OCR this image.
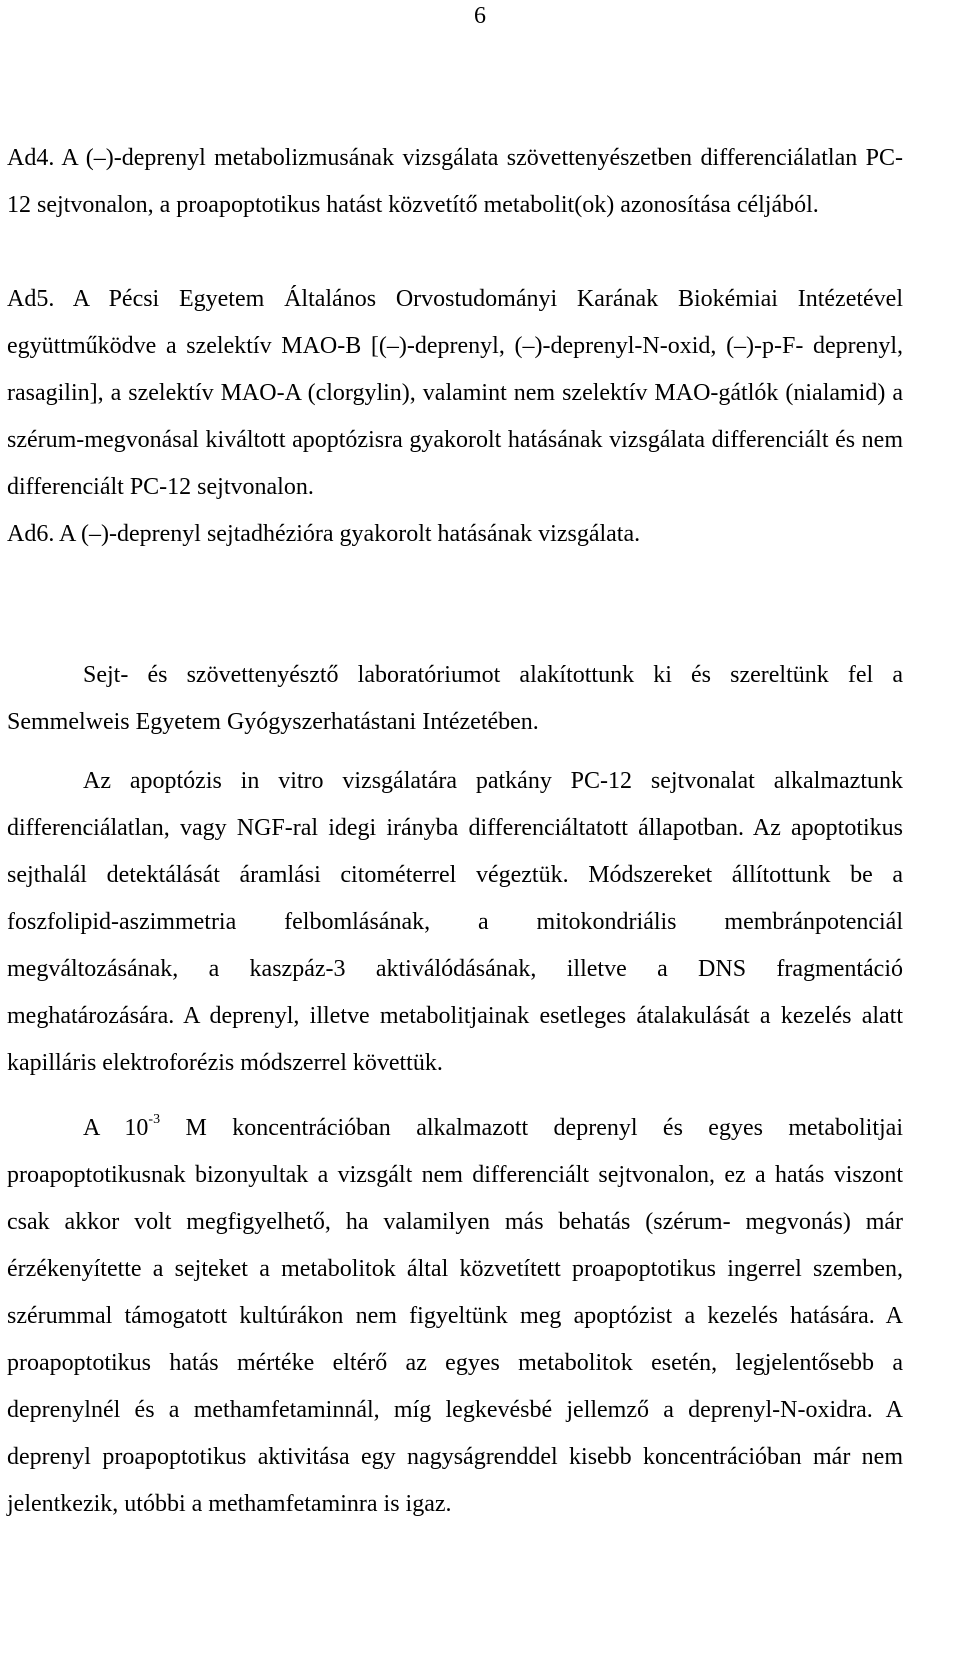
6

Ad4. A (–)-deprenyl metabolizmusának vizsgálata szövettenyészetben differenciálatlan PC-12 sejtvonalon, a proapoptotikus hatást közvetítő metabolit(ok) azonosítása céljából.

Ad5. A Pécsi Egyetem Általános Orvostudományi Karának Biokémiai Intézetével együttműködve a szelektív MAO-B [(–)-deprenyl, (–)-deprenyl-N-oxid, (–)-p-F- deprenyl, rasagilin], a szelektív MAO-A (clorgylin), valamint nem szelektív MAO-gátlók (nialamid) a szérum-megvonásal kiváltott apoptózisra gyakorolt hatásának vizsgálata differenciált és nem differenciált PC-12 sejtvonalon.

Ad6. A (–)-deprenyl sejtadhézióra gyakorolt hatásának vizsgálata.

Sejt- és szövettenyésztő laboratóriumot alakítottunk ki és szereltünk fel a Semmelweis Egyetem Gyógyszerhatástani Intézetében.

Az apoptózis in vitro vizsgálatára patkány PC-12 sejtvonalat alkalmaztunk differenciálatlan, vagy NGF-ral idegi irányba differenciáltatott állapotban. Az apoptotikus sejthalál detektálását áramlási citométerrel végeztük. Módszereket állítottunk be a foszfolipid-aszimmetria felbomlásának, a mitokondriális membránpotenciál megváltozásának, a kaszpáz-3 aktiválódásának, illetve a DNS fragmentáció meghatározására. A deprenyl, illetve metabolitjainak esetleges átalakulását a kezelés alatt kapilláris elektroforézis módszerrel követtük.

A $10^{-3}$ M koncentrációban alkalmazott deprenyl és egyes metabolitjai proapoptotikusnak bizonyultak a vizsgált nem differenciált sejtvonalon, ez a hatás viszont csak akkor volt megfigyelhető, ha valamilyen más behatás (szérum- megvonás) már érzékenyítette a sejteket a metabolitok által közvetített proapoptotikus ingerrel szemben, szérummal támogatott kultúrákon nem figyeltünk meg apoptózist a kezelés hatására. A proapoptotikus hatás mértéke eltérő az egyes metabolitok esetén, legjelentősebb a deprenylnél és a methamfetaminnál, míg legkevésbé jellemző a deprenyl-N-oxidra. A deprenyl proapoptotikus aktivitása egy nagyságrenddel kisebb koncentrációban már nem jelentkezik, utóbbi a methamfetaminra is igaz.
